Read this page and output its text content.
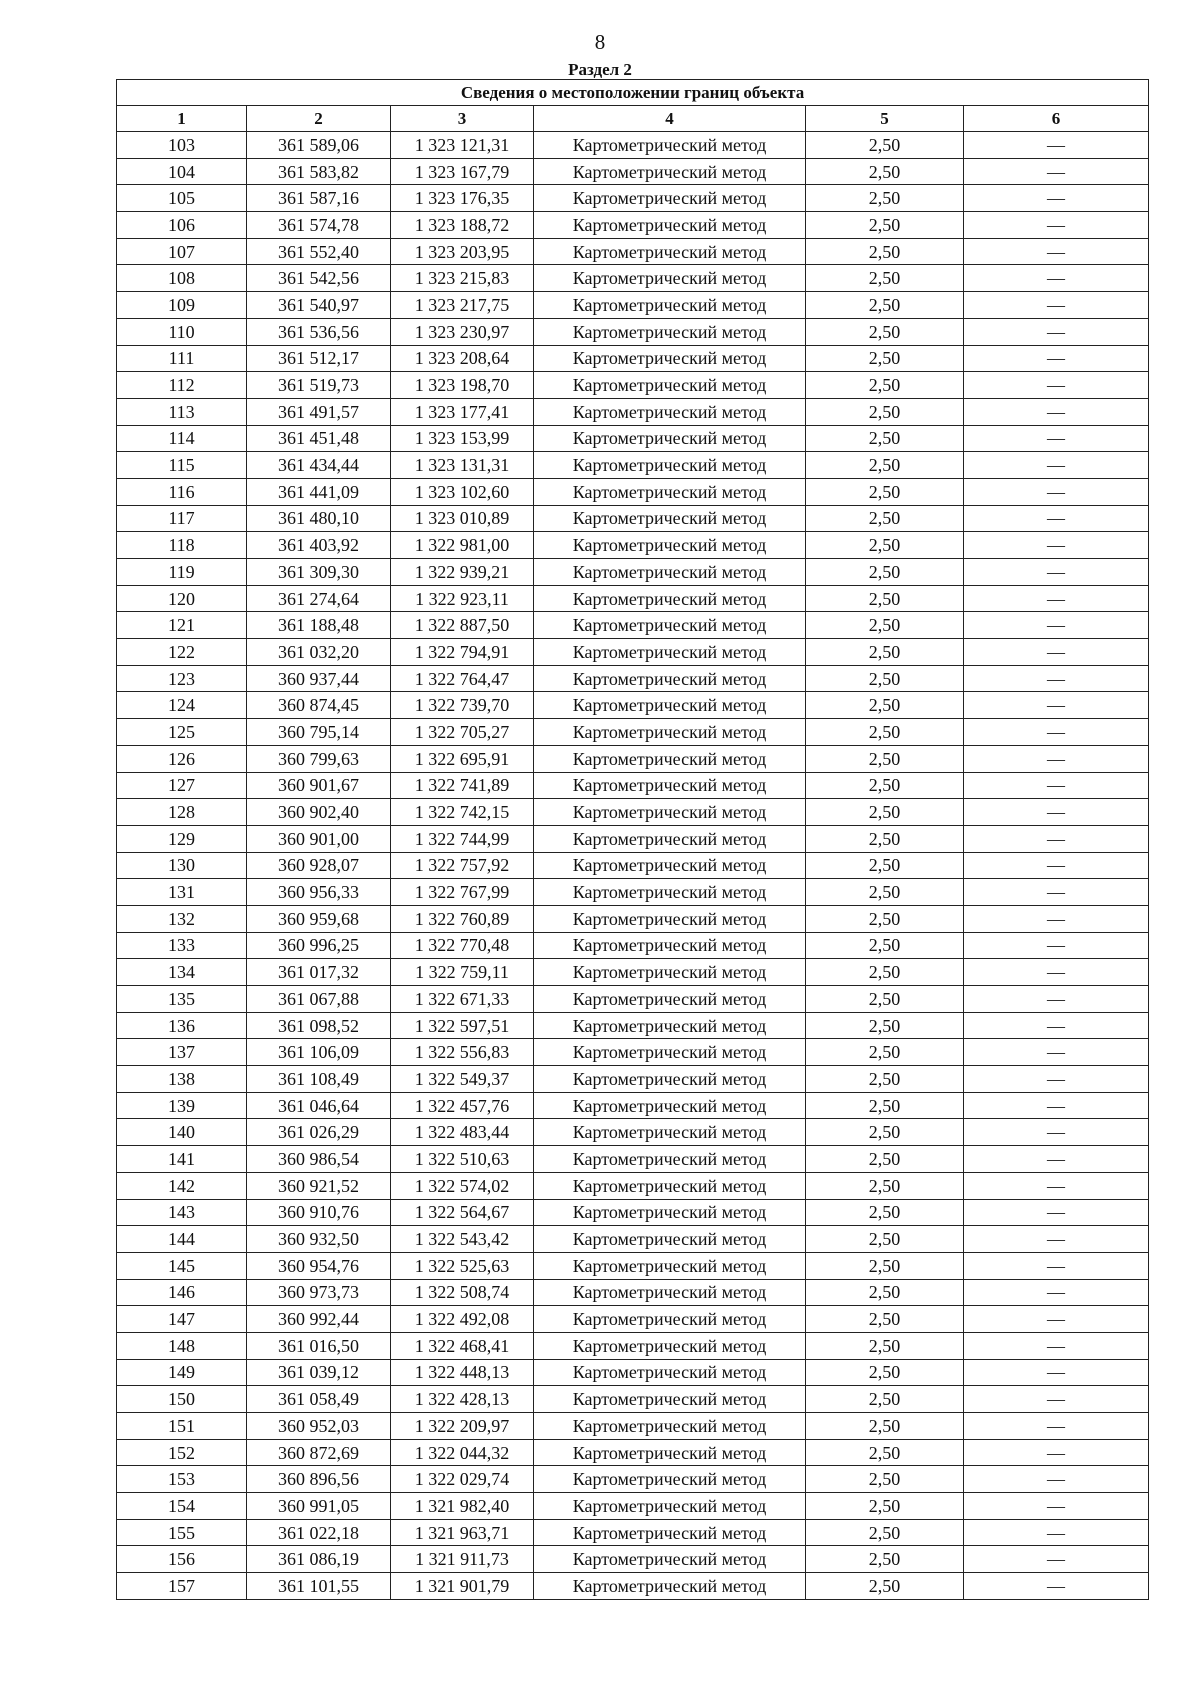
8
Раздел 2
Сведения о местоположении границ объекта					
1	2	3	4	5	6
103	361 589,06	1 323 121,31	Картометрический метод	2,50	—
104	361 583,82	1 323 167,79	Картометрический метод	2,50	—
105	361 587,16	1 323 176,35	Картометрический метод	2,50	—
106	361 574,78	1 323 188,72	Картометрический метод	2,50	—
107	361 552,40	1 323 203,95	Картометрический метод	2,50	—
108	361 542,56	1 323 215,83	Картометрический метод	2,50	—
109	361 540,97	1 323 217,75	Картометрический метод	2,50	—
110	361 536,56	1 323 230,97	Картометрический метод	2,50	—
111	361 512,17	1 323 208,64	Картометрический метод	2,50	—
112	361 519,73	1 323 198,70	Картометрический метод	2,50	—
113	361 491,57	1 323 177,41	Картометрический метод	2,50	—
114	361 451,48	1 323 153,99	Картометрический метод	2,50	—
115	361 434,44	1 323 131,31	Картометрический метод	2,50	—
116	361 441,09	1 323 102,60	Картометрический метод	2,50	—
117	361 480,10	1 323 010,89	Картометрический метод	2,50	—
118	361 403,92	1 322 981,00	Картометрический метод	2,50	—
119	361 309,30	1 322 939,21	Картометрический метод	2,50	—
120	361 274,64	1 322 923,11	Картометрический метод	2,50	—
121	361 188,48	1 322 887,50	Картометрический метод	2,50	—
122	361 032,20	1 322 794,91	Картометрический метод	2,50	—
123	360 937,44	1 322 764,47	Картометрический метод	2,50	—
124	360 874,45	1 322 739,70	Картометрический метод	2,50	—
125	360 795,14	1 322 705,27	Картометрический метод	2,50	—
126	360 799,63	1 322 695,91	Картометрический метод	2,50	—
127	360 901,67	1 322 741,89	Картометрический метод	2,50	—
128	360 902,40	1 322 742,15	Картометрический метод	2,50	—
129	360 901,00	1 322 744,99	Картометрический метод	2,50	—
130	360 928,07	1 322 757,92	Картометрический метод	2,50	—
131	360 956,33	1 322 767,99	Картометрический метод	2,50	—
132	360 959,68	1 322 760,89	Картометрический метод	2,50	—
133	360 996,25	1 322 770,48	Картометрический метод	2,50	—
134	361 017,32	1 322 759,11	Картометрический метод	2,50	—
135	361 067,88	1 322 671,33	Картометрический метод	2,50	—
136	361 098,52	1 322 597,51	Картометрический метод	2,50	—
137	361 106,09	1 322 556,83	Картометрический метод	2,50	—
138	361 108,49	1 322 549,37	Картометрический метод	2,50	—
139	361 046,64	1 322 457,76	Картометрический метод	2,50	—
140	361 026,29	1 322 483,44	Картометрический метод	2,50	—
141	360 986,54	1 322 510,63	Картометрический метод	2,50	—
142	360 921,52	1 322 574,02	Картометрический метод	2,50	—
143	360 910,76	1 322 564,67	Картометрический метод	2,50	—
144	360 932,50	1 322 543,42	Картометрический метод	2,50	—
145	360 954,76	1 322 525,63	Картометрический метод	2,50	—
146	360 973,73	1 322 508,74	Картометрический метод	2,50	—
147	360 992,44	1 322 492,08	Картометрический метод	2,50	—
148	361 016,50	1 322 468,41	Картометрический метод	2,50	—
149	361 039,12	1 322 448,13	Картометрический метод	2,50	—
150	361 058,49	1 322 428,13	Картометрический метод	2,50	—
151	360 952,03	1 322 209,97	Картометрический метод	2,50	—
152	360 872,69	1 322 044,32	Картометрический метод	2,50	—
153	360 896,56	1 322 029,74	Картометрический метод	2,50	—
154	360 991,05	1 321 982,40	Картометрический метод	2,50	—
155	361 022,18	1 321 963,71	Картометрический метод	2,50	—
156	361 086,19	1 321 911,73	Картометрический метод	2,50	—
157	361 101,55	1 321 901,79	Картометрический метод	2,50	—
